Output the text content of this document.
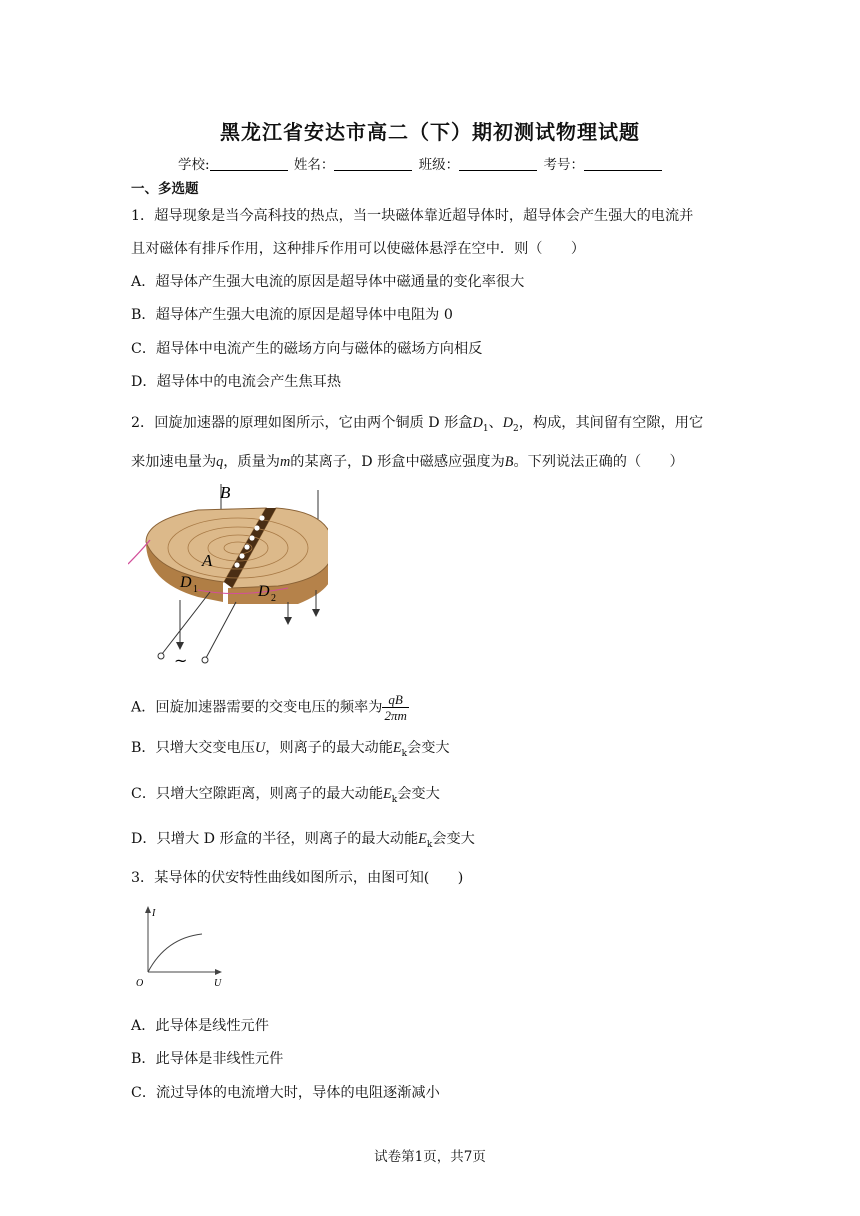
黑龙江省安达市高二（下）期初测试物理试题
学校:	姓名：	班级：	考号：
一、多选题
1．超导现象是当今高科技的热点，当一块磁体靠近超导体时，超导体会产生强大的电流并
且对磁体有排斥作用，这种排斥作用可以使磁体悬浮在空中．则（　　）
A．超导体产生强大电流的原因是超导体中磁通量的变化率很大
B．超导体产生强大电流的原因是超导体中电阻为 0
C．超导体中电流产生的磁场方向与磁体的磁场方向相反
D．超导体中的电流会产生焦耳热
2．回旋加速器的原理如图所示，它由两个铜质 D 形盒$D_1$、$D_2$，构成，其间留有空隙，用它
来加速电量为q，质量为m的某离子，D 形盒中磁感应强度为B。下列说法正确的（　　）
B
A
D 1	D 2
~
A．回旋加速器需要的交变电压的频率为 $\frac{qB}{2\pi m}$
B．只增大交变电压U，则离子的最大动能$E_k$会变大
C．只增大空隙距离，则离子的最大动能$E_k$会变大
D．只增大 D 形盒的半径，则离子的最大动能$E_k$会变大
3．某导体的伏安特性曲线如图所示，由图可知(　　)
I
U
O
A．此导体是线性元件
B．此导体是非线性元件
C．流过导体的电流增大时，导体的电阻逐渐减小
试卷第1页，共7页
